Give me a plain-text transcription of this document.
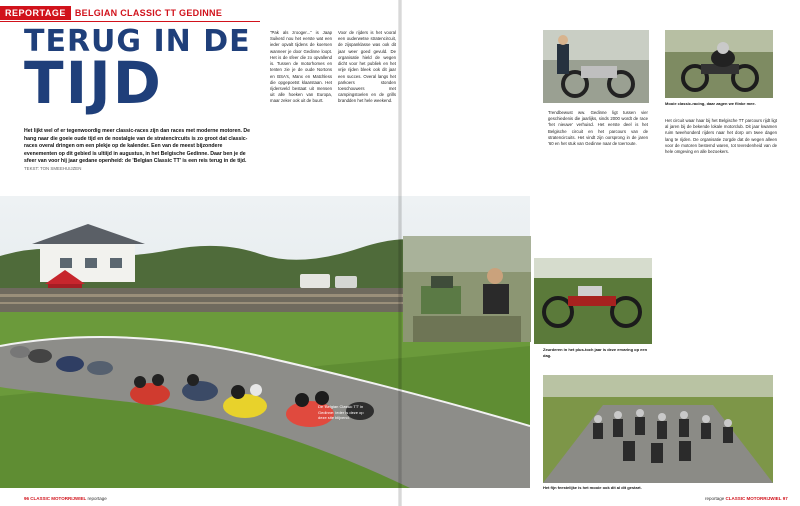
REPORTAGE	BELGIAN CLASSIC TT GEDINNE
TERUG IN DE
TIJD
Het lijkt wel of er tegenwoordig meer classic-races zijn dan races met moderne motoren. De hang naar die goeie oude tijd en de nostalgie van de stratencircuits is zo groot dat classic-races overal dringen om een plekje op de kalender. Een van de meest bijzondere evenementen op dit gebied is ultiijd in augustus, in het Belgische Gedinne. Daar ben je de sfeer van voor hij jaar gedane openheid: de 'Belgian Classic TT' is een reis terug in de tijd. TEKST: TON SMEEHUIJZEN
"Pak als zrooger..." is Jaap Suikerd nou het eerste wat een ieder opvalt tijdens de koersen wanneer je door Gedinne loopt. Het is de sfeer die zo opvallend is. Tussen de motorhomes en tenten zie je de oude Nortons en BSA's, Manx en Matchless die opgepoetst klaarstaan. Het rijdersveld bestaat uit mensen uit alle hoeken van Europa, maar zeker ook uit de buurt.
Voor de rijders is het vooral een ouderwetse stratencircuit, de zijspanklasse was ook dit jaar weer goed gevuld. De organisatie hield de wegen dicht voor het publiek en het vrije rijden bleek ook dit jaar een succes. Overal langs het parkoers stonden toeschouwers met campingstoelen en de grills brandden het hele weekend.
De 'Belgian Classic TT' in Gedinne: ieder is deze op deze site blijvend.
Mooie classic-racing, daar zagen we flinke mee.
Trendbewust ww. Gedinne ligt tussen vier geschiedenis die jaarlijks, sinds 2000 wordt de race 'het nieuwe' verhuisd. Het eerste deel is het Belgische circuit en het parcours van de stratencircuits. Het vindt zijn oorsprong in de jaren '60 en het stuk van Gedinne naar de toerroute.
Het circuit waar haar bij het Belgische TT parcours rijdt ligt al jaren bij de bekende lokale motorclub. Dit jaar kwamen ruim tweehonderd rijders naar het dorp om twee dagen lang te rijden. De organisatie zorgde dat de wegen alleen voor de motoren bestemd waren, tot tevredenheid van de hele omgeving en alle bezoekers.
Zeurderen in het plus-toch jaar is deze ervaring op een dag.
Het fijn feestelijke is het mooie ook dit al dit gestart.
96 CLASSIC MOTORRIJWIEL reportage	reportage CLASSIC MOTORRIJWIEL 97
